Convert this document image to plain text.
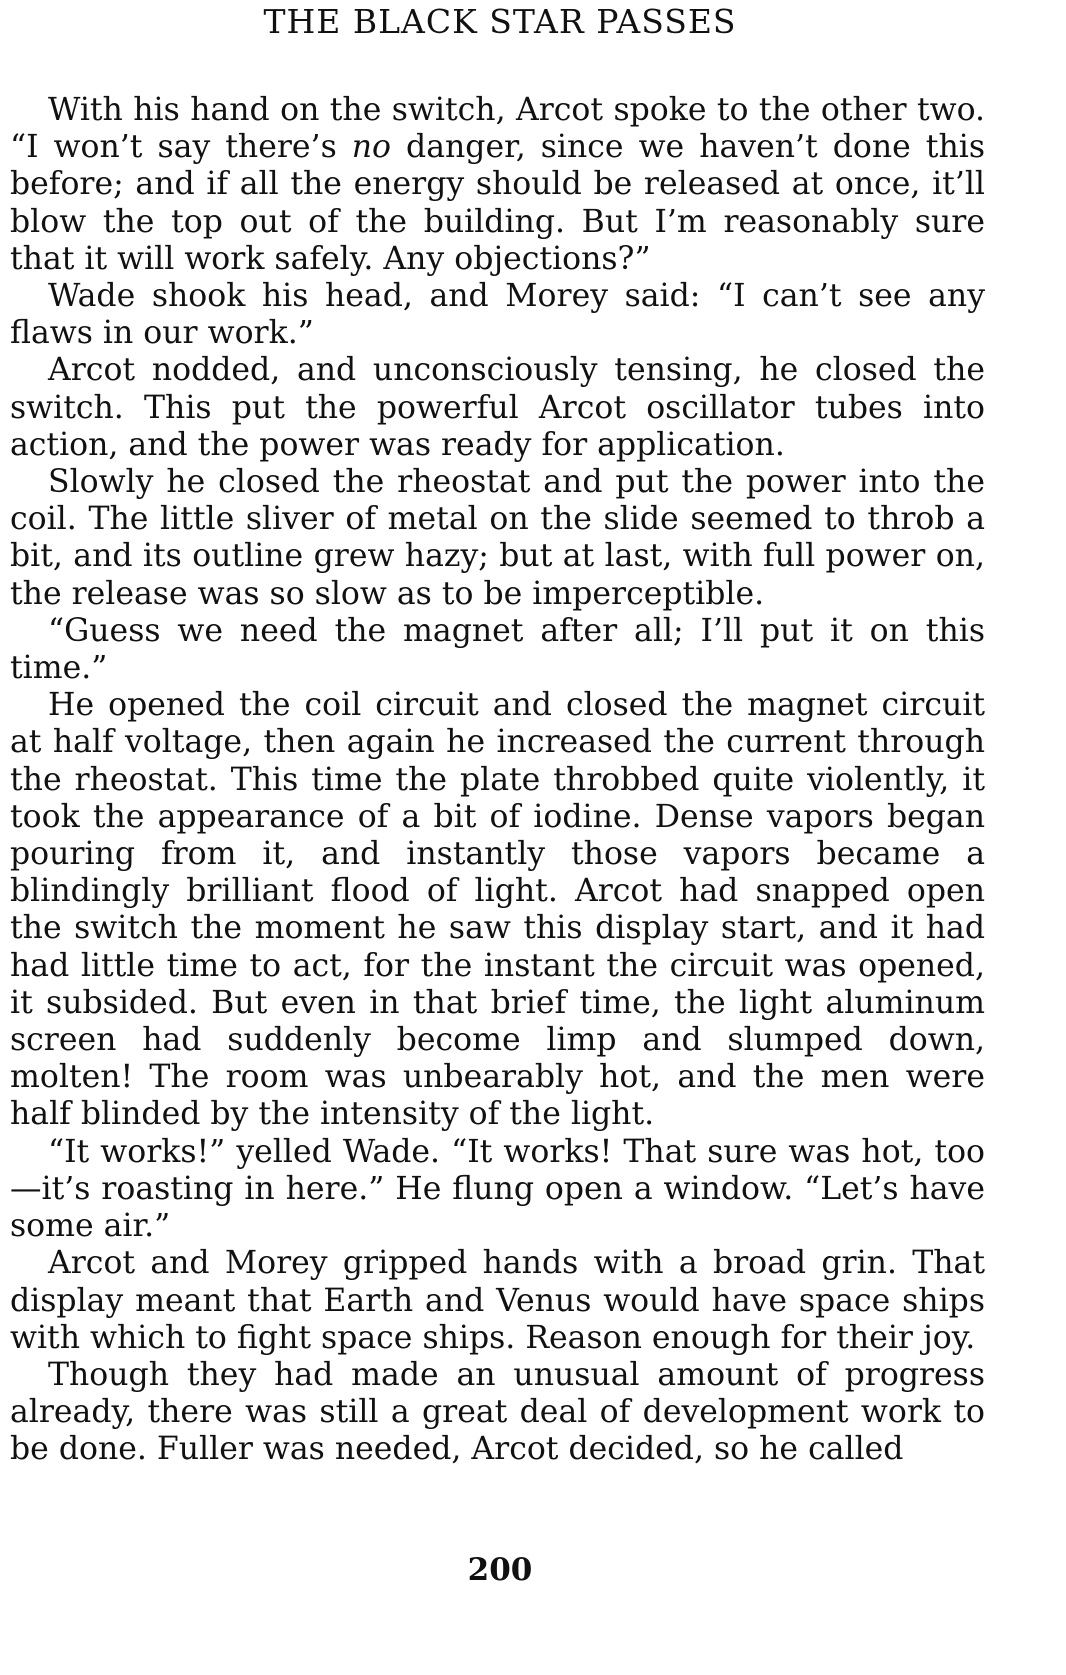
THE BLACK STAR PASSES

With his hand on the switch, Arcot spoke to the other two. “I won’t say there’s no danger, since we haven’t done this before; and if all the energy should be released at once, it’ll blow the top out of the building. But I’m reasonably sure that it will work safely. Any objections?”

Wade shook his head, and Morey said: “I can’t see any flaws in our work.”

Arcot nodded, and unconsciously tensing, he closed the switch. This put the powerful Arcot oscillator tubes into action, and the power was ready for application.

Slowly he closed the rheostat and put the power into the coil. The little sliver of metal on the slide seemed to throb a bit, and its outline grew hazy; but at last, with full power on, the release was so slow as to be imperceptible.

“Guess we need the magnet after all; I’ll put it on this time.”

He opened the coil circuit and closed the magnet circuit at half voltage, then again he increased the current through the rheostat. This time the plate throbbed quite violently, it took the appearance of a bit of iodine. Dense vapors began pouring from it, and instantly those vapors became a blindingly brilliant flood of light. Arcot had snapped open the switch the moment he saw this display start, and it had had little time to act, for the instant the circuit was opened, it subsided. But even in that brief time, the light aluminum screen had suddenly become limp and slumped down, molten! The room was unbearably hot, and the men were half blinded by the intensity of the light.

“It works!” yelled Wade. “It works! That sure was hot, too—it’s roasting in here.” He flung open a window. “Let’s have some air.”

Arcot and Morey gripped hands with a broad grin. That display meant that Earth and Venus would have space ships with which to fight space ships. Reason enough for their joy.

Though they had made an unusual amount of progress already, there was still a great deal of development work to be done. Fuller was needed, Arcot decided, so he called

200
